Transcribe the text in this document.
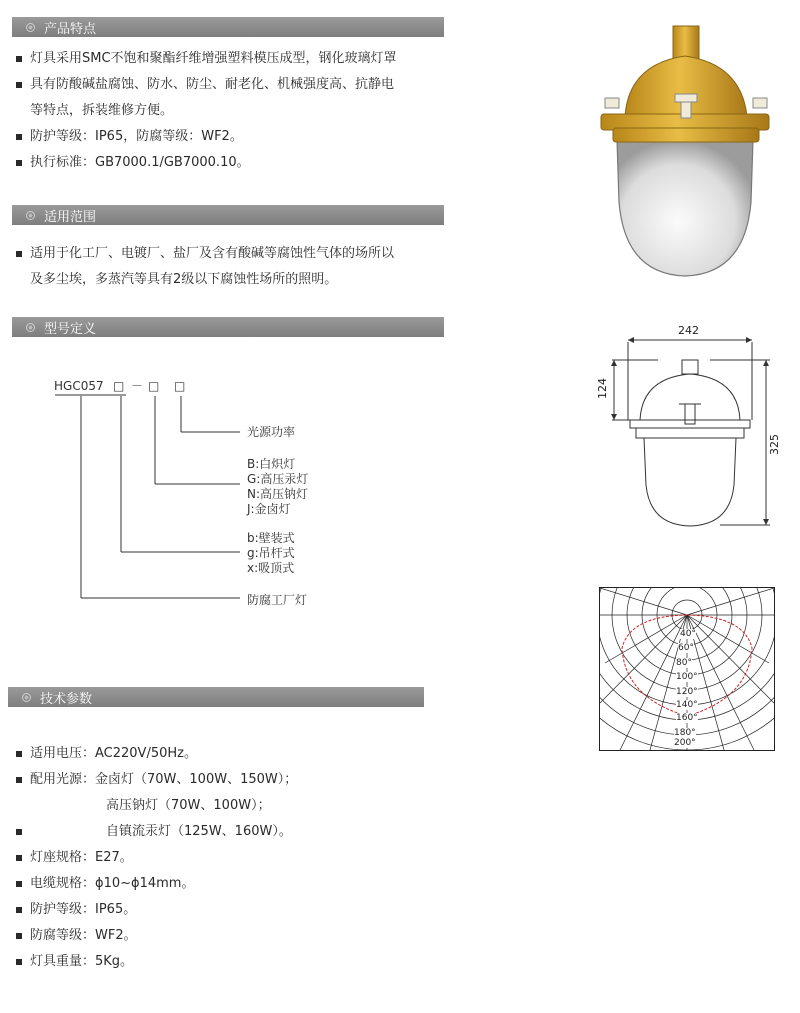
产品特点
灯具采用SMC不饱和聚酯纤维增强塑料模压成型，钢化玻璃灯罩
具有防酸碱盐腐蚀、防水、防尘、耐老化、机械强度高、抗静电
等特点，拆装维修方便。
防护等级：IP65，防腐等级：WF2。
执行标准：GB7000.1/GB7000.10。
适用范围
适用于化工厂、电镀厂、盐厂及含有酸碱等腐蚀性气体的场所以
及多尘埃，多蒸汽等具有2级以下腐蚀性场所的照明。
型号定义
HGC057 □ － □ □
光源功率
B:白炽灯
G:高压汞灯
N:高压钠灯
J:金卤灯
b:壁装式
g:吊杆式
x:吸顶式
防腐工厂灯
技术参数
适用电压：AC220V/50Hz。
配用光源：金卤灯（70W、100W、150W）；
高压钠灯（70W、100W）；
自镇流汞灯（125W、160W）。
灯座规格：E27。
电缆规格：ϕ10~ϕ14mm。
防护等级：IP65。
防腐等级：WF2。
灯具重量：5Kg。
242
124
325
40°
60°
80°
100°
120°
140°
160°
180°
200°
